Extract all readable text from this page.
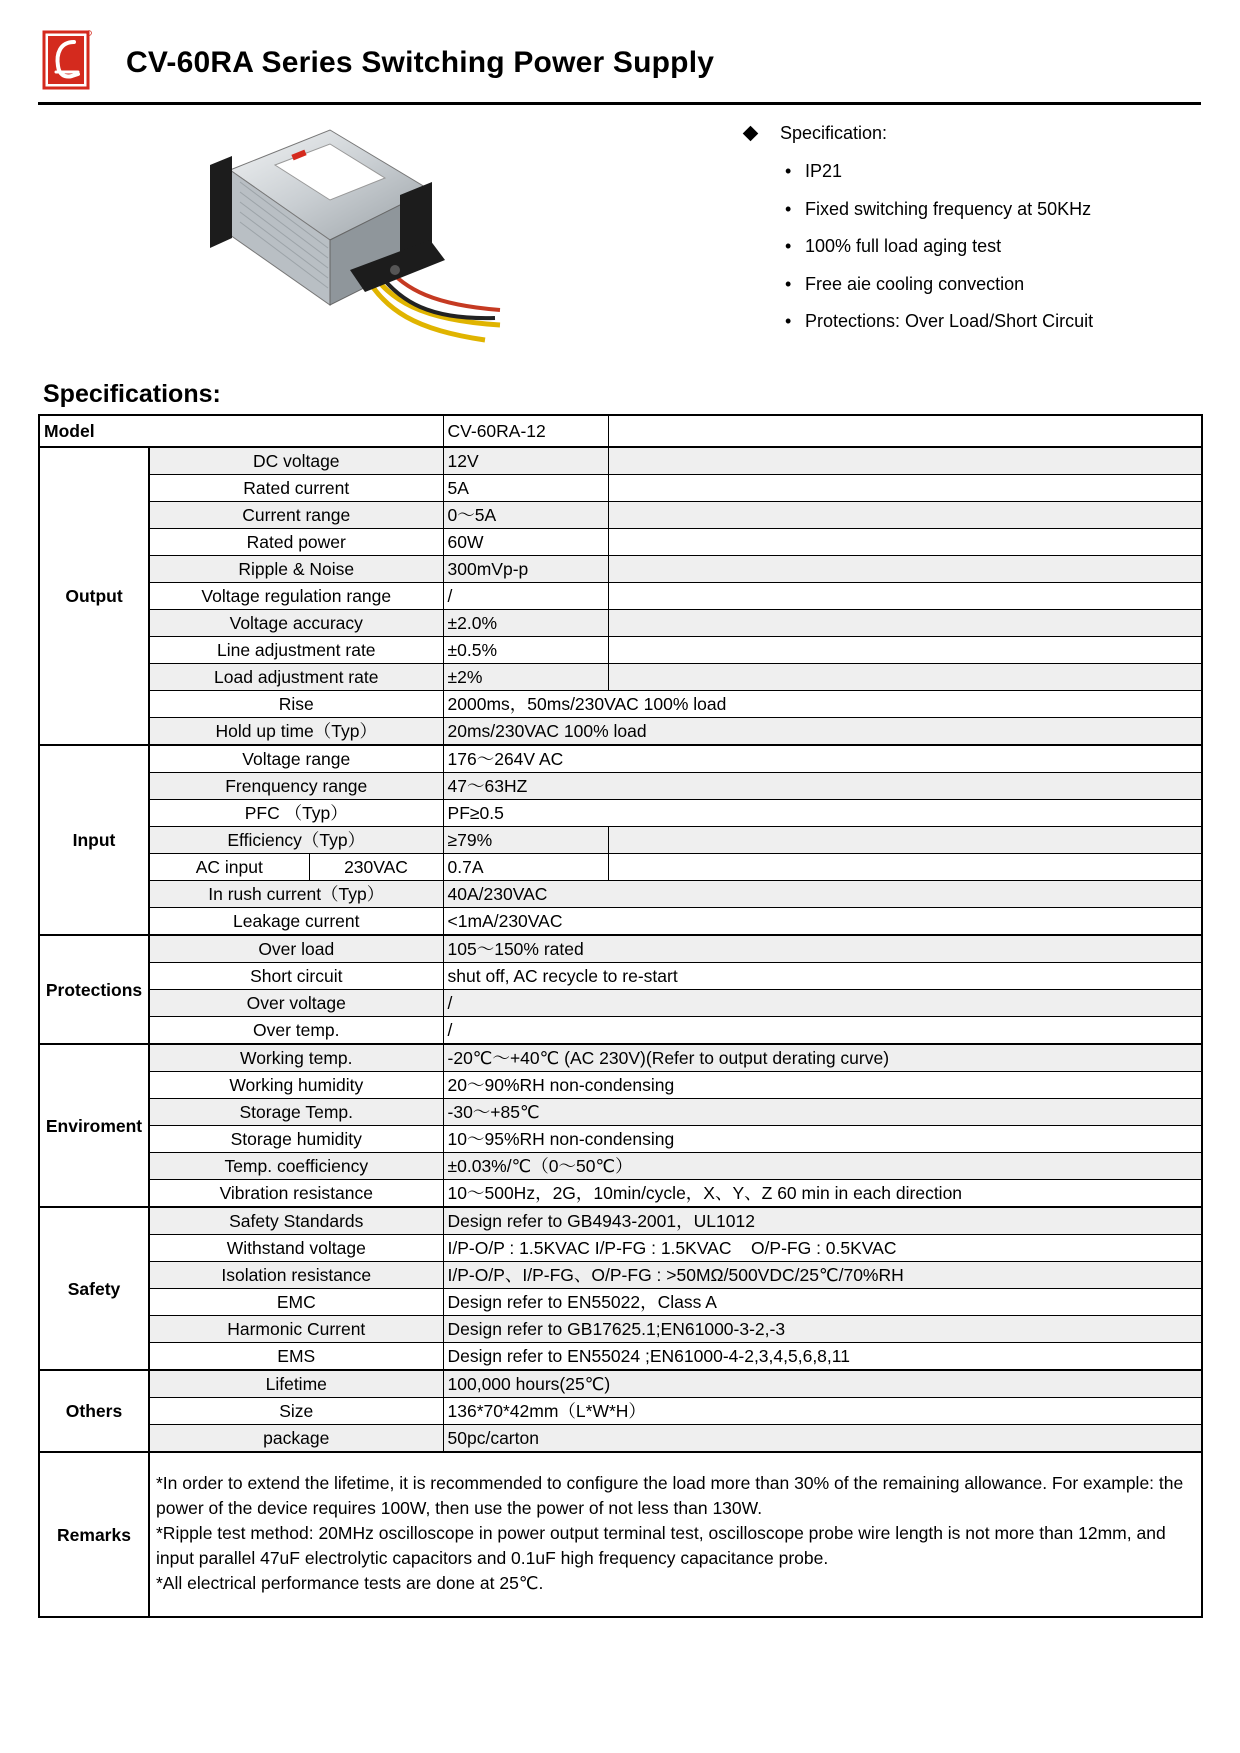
CV-60RA Series Switching Power Supply
Specification:
• IP21
• Fixed switching frequency at 50KHz
• 100% full load aging test
• Free aie cooling convection
• Protections: Over Load/Short Circuit
Specifications:
Model			CV-60RA-12	
Output	DC voltage		12V	
	Rated current		5A	
	Current range		0～5A	
	Rated power		60W	
	Ripple & Noise		300mVp-p	
	Voltage regulation range		/	
	Voltage accuracy		±2.0%	
	Line adjustment rate		±0.5%	
	Load adjustment rate		±2%	
	Rise		2000ms，50ms/230VAC 100% load	
	Hold up time（Typ）		20ms/230VAC 100% load	
Input	Voltage range		176～264V AC	
	Frenquency range		47～63HZ	
	PFC （Typ）		PF≥0.5	
	Efficiency（Typ）		≥79%	
	AC input	230VAC	0.7A	
	In rush current（Typ）		40A/230VAC	
	Leakage current		<1mA/230VAC	
Protections	Over load		105～150% rated	
	Short circuit		shut off, AC recycle to re-start	
	Over voltage		/	
	Over temp.		/	
Enviroment	Working temp.		-20℃～+40℃ (AC 230V)(Refer to output derating curve)	
	Working humidity		20～90%RH non-condensing	
	Storage Temp.		-30～+85℃	
	Storage humidity		10～95%RH non-condensing	
	Temp. coefficiency		±0.03%/℃（0～50℃）	
	Vibration resistance		10～500Hz，2G，10min/cycle，X、Y、Z 60 min in each direction	
Safety	Safety Standards		Design refer to GB4943-2001，UL1012	
	Withstand voltage		I/P-O/P : 1.5KVAC I/P-FG : 1.5KVAC    O/P-FG : 0.5KVAC	
	Isolation resistance		I/P-O/P、I/P-FG、O/P-FG : >50MΩ/500VDC/25℃/70%RH	
	EMC		Design refer to EN55022，Class A	
	Harmonic Current		Design refer to GB17625.1;EN61000-3-2,-3	
	EMS		Design refer to EN55024 ;EN61000-4-2,3,4,5,6,8,11	
Others	Lifetime		100,000 hours(25℃)	
	Size		136*70*42mm（L*W*H）	
	package		50pc/carton	
Remarks	*In order to extend the lifetime, it is recommended to configure the load more than 30% of the remaining allowance. For example: the power of the device requires 100W, then use the power of not less than 130W.
*Ripple test method: 20MHz oscilloscope in power output terminal test, oscilloscope probe wire length is not more than 12mm, and input parallel 47uF electrolytic capacitors and 0.1uF high frequency capacitance probe.
*All electrical performance tests are done at 25℃.			
